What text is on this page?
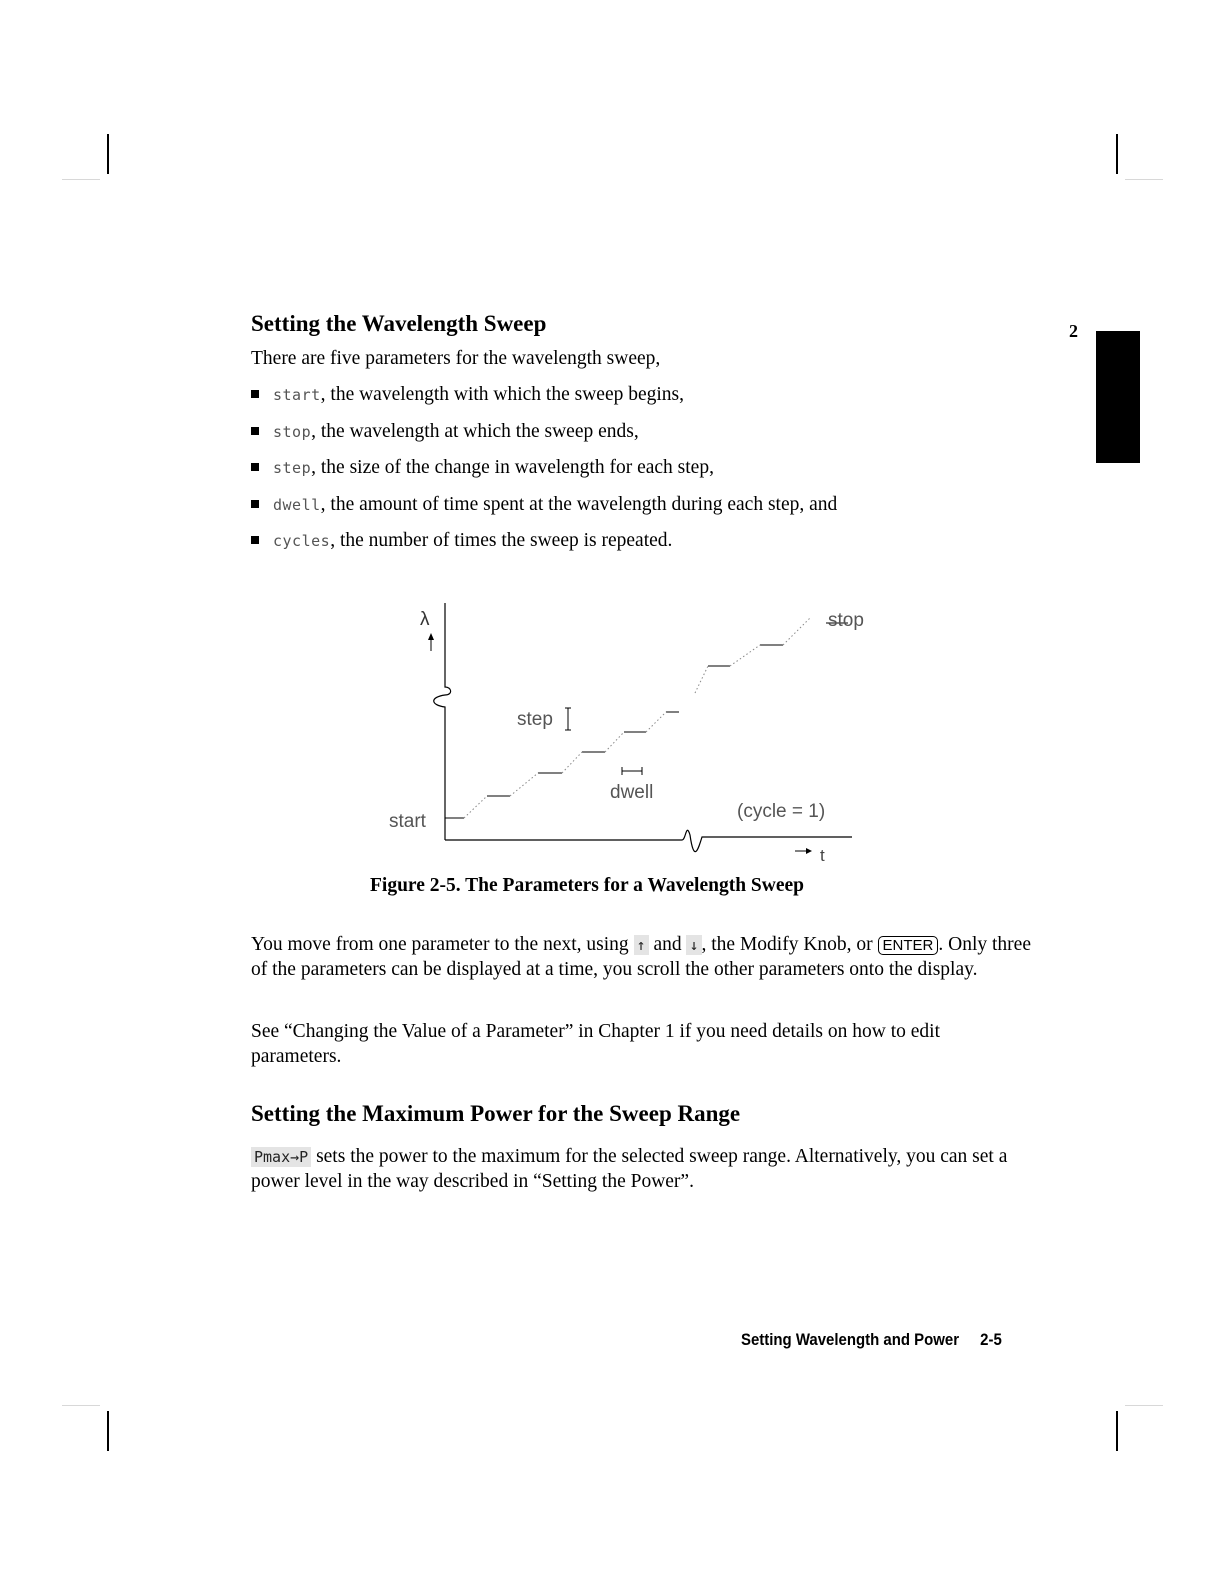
2
Setting the Wavelength Sweep

There are five parameters for the wavelength sweep,

start, the wavelength with which the sweep begins,
stop, the wavelength at which the sweep ends,
step, the size of the change in wavelength for each step,
dwell, the amount of time spent at the wavelength during each step, and
cycles, the number of times the sweep is repeated.
λ
t
start
stop
step
dwell
(cycle = 1)
Figure 2-5. The Parameters for a Wavelength Sweep

You move from one parameter to the next, using ↑ and ↓ , the Modify Knob, or ENTER . Only three of the parameters can be displayed at a time, you scroll the other parameters onto the display.

See “Changing the Value of a Parameter” in Chapter 1 if you need details on how to edit parameters.

Setting the Maximum Power for the Sweep Range

Pmax→P sets the power to the maximum for the selected sweep range. Alternatively, you can set a power level in the way described in “Setting the Power”.

Setting Wavelength and Power 2-5
